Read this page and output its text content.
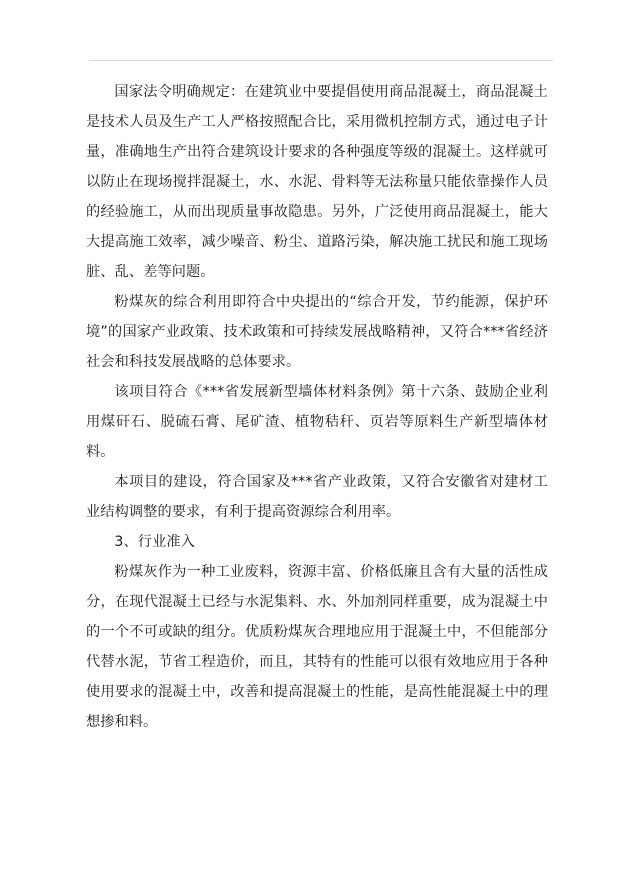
国家法令明确规定：在建筑业中要提倡使用商品混凝土，商品混凝土是技术人员及生产工人严格按照配合比，采用微机控制方式，通过电子计量，准确地生产出符合建筑设计要求的各种强度等级的混凝土。这样就可以防止在现场搅拌混凝土，水、水泥、骨料等无法称量只能依靠操作人员的经验施工，从而出现质量事故隐患。另外，广泛使用商品混凝土，能大大提高施工效率，减少噪音、粉尘、道路污染，解决施工扰民和施工现场脏、乱、差等问题。

粉煤灰的综合利用即符合中央提出的“综合开发，节约能源，保护环境”的国家产业政策、技术政策和可持续发展战略精神，又符合***省经济社会和科技发展战略的总体要求。

该项目符合《***省发展新型墙体材料条例》第十六条、鼓励企业利用煤矸石、脱硫石膏、尾矿渣、植物秸秆、页岩等原料生产新型墙体材料。

本项目的建设，符合国家及***省产业政策，又符合安徽省对建材工业结构调整的要求，有利于提高资源综合利用率。

3、行业准入

粉煤灰作为一种工业废料，资源丰富、价格低廉且含有大量的活性成分，在现代混凝土已经与水泥集料、水、外加剂同样重要，成为混凝土中的一个不可或缺的组分。优质粉煤灰合理地应用于混凝土中，不但能部分代替水泥，节省工程造价，而且，其特有的性能可以很有效地应用于各种使用要求的混凝土中，改善和提高混凝土的性能，是高性能混凝土中的理想掺和料。
